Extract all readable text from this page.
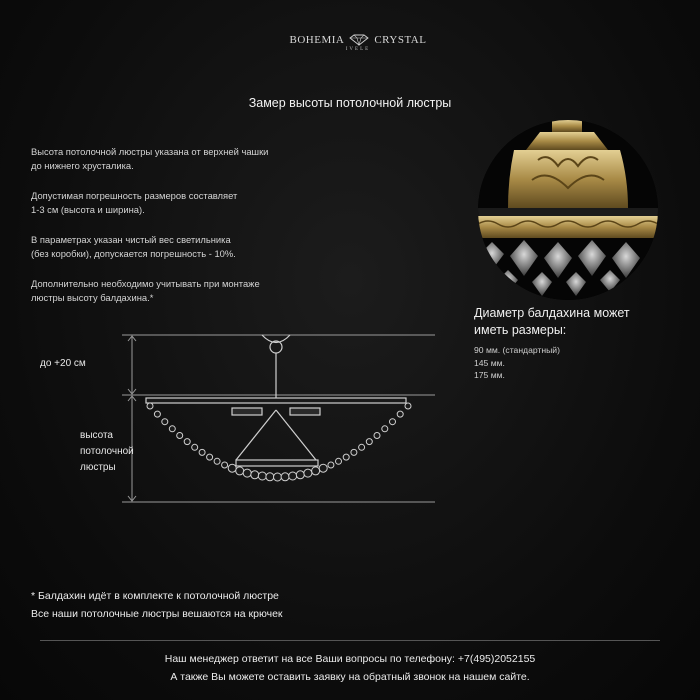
BOHEMIA	CRYSTAL
IVELE
Замер высоты потолочной люстры

Высота потолочной люстры указана от верхней чашки
до нижнего хрусталика.

Допустимая погрешность размеров составляет
1-3 см (высота и ширина).

В параметрах указан чистый вес светильника
(без коробки), допускается погрешность - 10%.

Дополнительно необходимо учитывать при монтаже
люстры высоту балдахина.*

Диаметр балдахина может
иметь размеры:
90 мм. (стандартный)
145 мм.
175 мм.
до +20 см
высота
потолочной
люстры
* Балдахин идёт в комплекте к потолочной люстре
Все наши потолочные люстры вешаются на крючек
Наш менеджер ответит на все Ваши вопросы по телефону: +7(495)2052155
А также Вы можете оставить заявку на обратный звонок на нашем сайте.
